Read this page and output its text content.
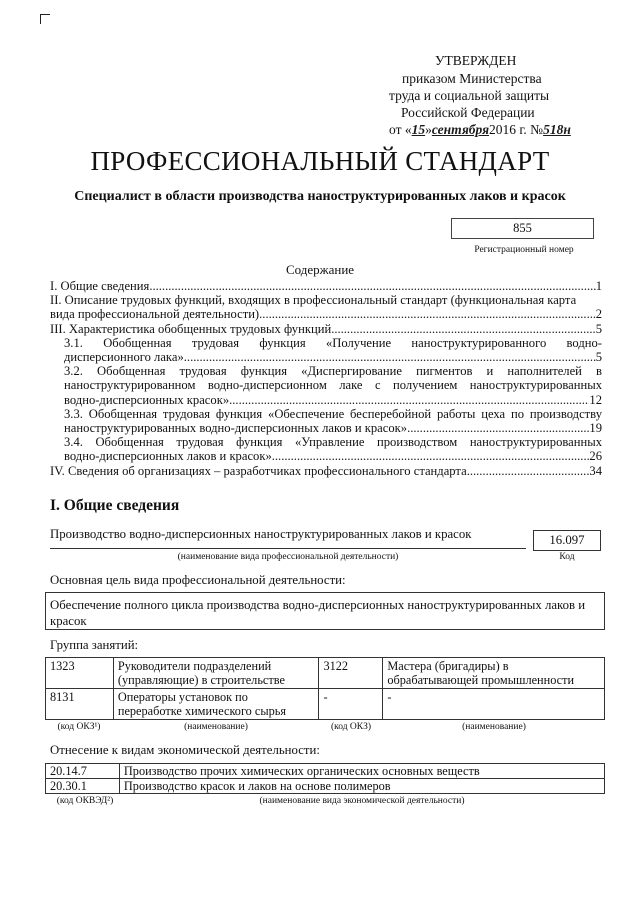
УТВЕРЖДЕН
приказом Министерства
труда и социальной защиты
Российской Федерации
от «15»сентября2016 г. №518н
ПРОФЕССИОНАЛЬНЫЙ СТАНДАРТ
Специалист в области производства наноструктурированных лаков и красок
855
Регистрационный номер
Содержание
I. Общие сведения .....	1
II. Описание трудовых функций, входящих в профессиональный стандарт (функциональная карта
вида профессиональной деятельности) .....	2
III. Характеристика обобщенных трудовых функций .....	5
3.1. Обобщенная трудовая функция «Получение наноструктурированного водно-
дисперсионного лака» .....	5
3.2. Обобщенная трудовая функция «Диспергирование пигментов и наполнителей в
наноструктурированном водно-дисперсионном лаке с получением наноструктурированных
водно-дисперсионных красок» .....	12
3.3. Обобщенная трудовая функция «Обеспечение бесперебойной работы цеха по производству
наноструктурированных водно-дисперсионных лаков и красок» .....	19
3.4. Обобщенная трудовая функция «Управление производством наноструктурированных
водно-дисперсионных лаков и красок» .....	26
IV. Сведения об организациях – разработчиках профессионального стандарта .....	34
I. Общие сведения
Производство водно-дисперсионных наноструктурированных лаков и красок	16.097
(наименование вида профессиональной деятельности)	Код
Основная цель вида профессиональной деятельности:
Обеспечение полного цикла производства водно-дисперсионных наноструктурированных лаков и красок
Группа занятий:
1323	Руководители подразделений (управляющие) в строительстве	3122	Мастера (бригадиры) в обрабатывающей промышленности
8131	Операторы установок по переработке химического сырья	-	-
(код ОКЗ¹)	(наименование)	(код ОКЗ)	(наименование)
Отнесение к видам экономической деятельности:
20.14.7	Производство прочих химических органических основных веществ
20.30.1	Производство красок и лаков на основе полимеров
(код ОКВЭД²)	(наименование вида экономической деятельности)
